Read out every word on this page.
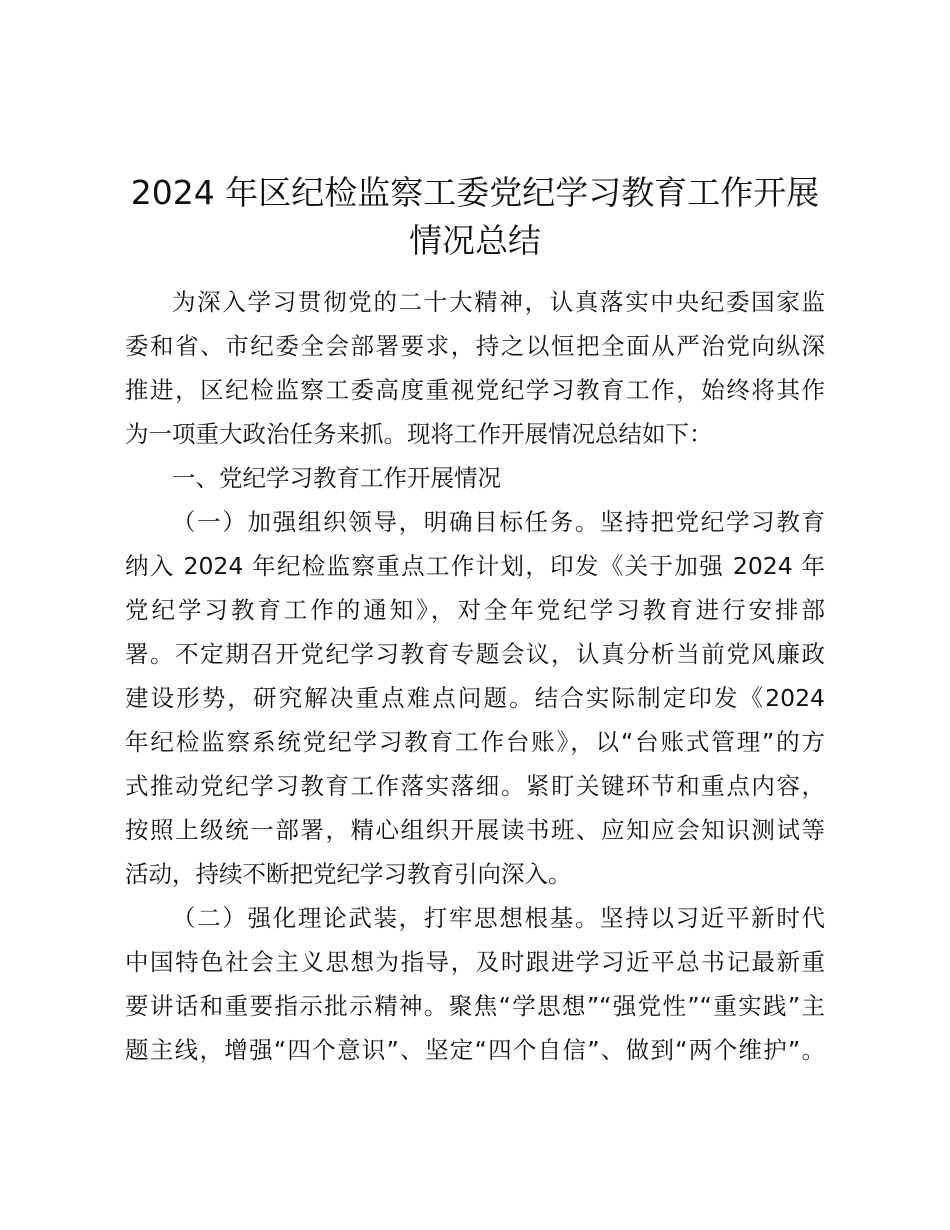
2024 年区纪检监察工委党纪学习教育工作开展
情况总结
为深入学习贯彻党的二十大精神，认真落实中央纪委国家监
委和省、市纪委全会部署要求，持之以恒把全面从严治党向纵深
推进，区纪检监察工委高度重视党纪学习教育工作，始终将其作
为一项重大政治任务来抓。现将工作开展情况总结如下：
一、党纪学习教育工作开展情况
（一）加强组织领导，明确目标任务。坚持把党纪学习教育
纳入 2024 年纪检监察重点工作计划，印发《关于加强 2024 年
党纪学习教育工作的通知》，对全年党纪学习教育进行安排部
署。不定期召开党纪学习教育专题会议，认真分析当前党风廉政
建设形势，研究解决重点难点问题。结合实际制定印发《2024
年纪检监察系统党纪学习教育工作台账》，以“台账式管理”的方
式推动党纪学习教育工作落实落细。紧盯关键环节和重点内容，
按照上级统一部署，精心组织开展读书班、应知应会知识测试等
活动，持续不断把党纪学习教育引向深入。
（二）强化理论武装，打牢思想根基。坚持以习近平新时代
中国特色社会主义思想为指导，及时跟进学习近平总书记最新重
要讲话和重要指示批示精神。聚焦“学思想”“强党性”“重实践”主
题主线，增强“四个意识”、坚定“四个自信”、做到“两个维护”。
